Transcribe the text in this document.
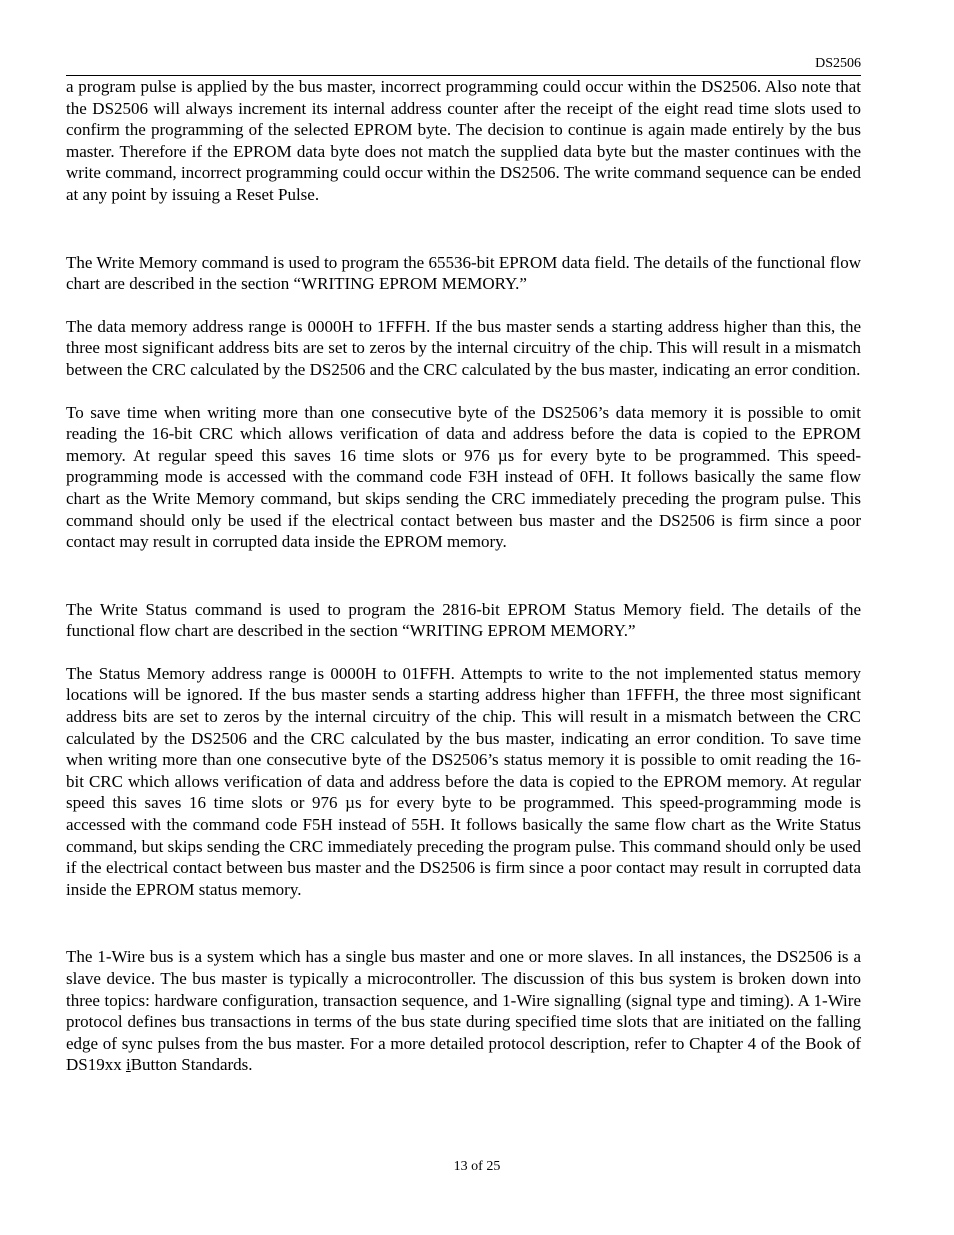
DS2506

a program pulse is applied by the bus master, incorrect programming could occur within the DS2506. Also note that the DS2506 will always increment its internal address counter after the receipt of the eight read time slots used to confirm the programming of the selected EPROM byte. The decision to continue is again made entirely by the bus master. Therefore if the EPROM data byte does not match the supplied data byte but the master continues with the write command, incorrect programming could occur within the DS2506. The write command sequence can be ended at any point by issuing a Reset Pulse.

The Write Memory command is used to program the 65536-bit EPROM data field. The details of the functional flow chart are described in the section “WRITING EPROM MEMORY.”

The data memory address range is 0000H to 1FFFH. If the bus master sends a starting address higher than this, the three most significant address bits are set to zeros by the internal circuitry of the chip. This will result in a mismatch between the CRC calculated by the DS2506 and the CRC calculated by the bus master, indicating an error condition.

To save time when writing more than one consecutive byte of the DS2506’s data memory it is possible to omit reading the 16-bit CRC which allows verification of data and address before the data is copied to the EPROM memory. At regular speed this saves 16 time slots or 976 µs for every byte to be programmed. This speed-programming mode is accessed with the command code F3H instead of 0FH. It follows basically the same flow chart as the Write Memory command, but skips sending the CRC immediately preceding the program pulse. This command should only be used if the electrical contact between bus master and the DS2506 is firm since a poor contact may result in corrupted data inside the EPROM memory.

The Write Status command is used to program the 2816-bit EPROM Status Memory field. The details of the functional flow chart are described in the section “WRITING EPROM MEMORY.”

The Status Memory address range is 0000H to 01FFH. Attempts to write to the not implemented status memory locations will be ignored. If the bus master sends a starting address higher than 1FFFH, the three most significant address bits are set to zeros by the internal circuitry of the chip. This will result in a mismatch between the CRC calculated by the DS2506 and the CRC calculated by the bus master, indicating an error condition. To save time when writing more than one consecutive byte of the DS2506’s status memory it is possible to omit reading the 16-bit CRC which allows verification of data and address before the data is copied to the EPROM memory. At regular speed this saves 16 time slots or 976 µs for every byte to be programmed. This speed-programming mode is accessed with the command code F5H instead of 55H. It follows basically the same flow chart as the Write Status command, but skips sending the CRC immediately preceding the program pulse. This command should only be used if the electrical contact between bus master and the DS2506 is firm since a poor contact may result in corrupted data inside the EPROM status memory.

The 1-Wire bus is a system which has a single bus master and one or more slaves. In all instances, the DS2506 is a slave device. The bus master is typically a microcontroller. The discussion of this bus system is broken down into three topics: hardware configuration, transaction sequence, and 1-Wire signalling (signal type and timing). A 1-Wire protocol defines bus transactions in terms of the bus state during specified time slots that are initiated on the falling edge of sync pulses from the bus master. For a more detailed protocol description, refer to Chapter 4 of the Book of DS19xx iButton Standards.

13 of 25
